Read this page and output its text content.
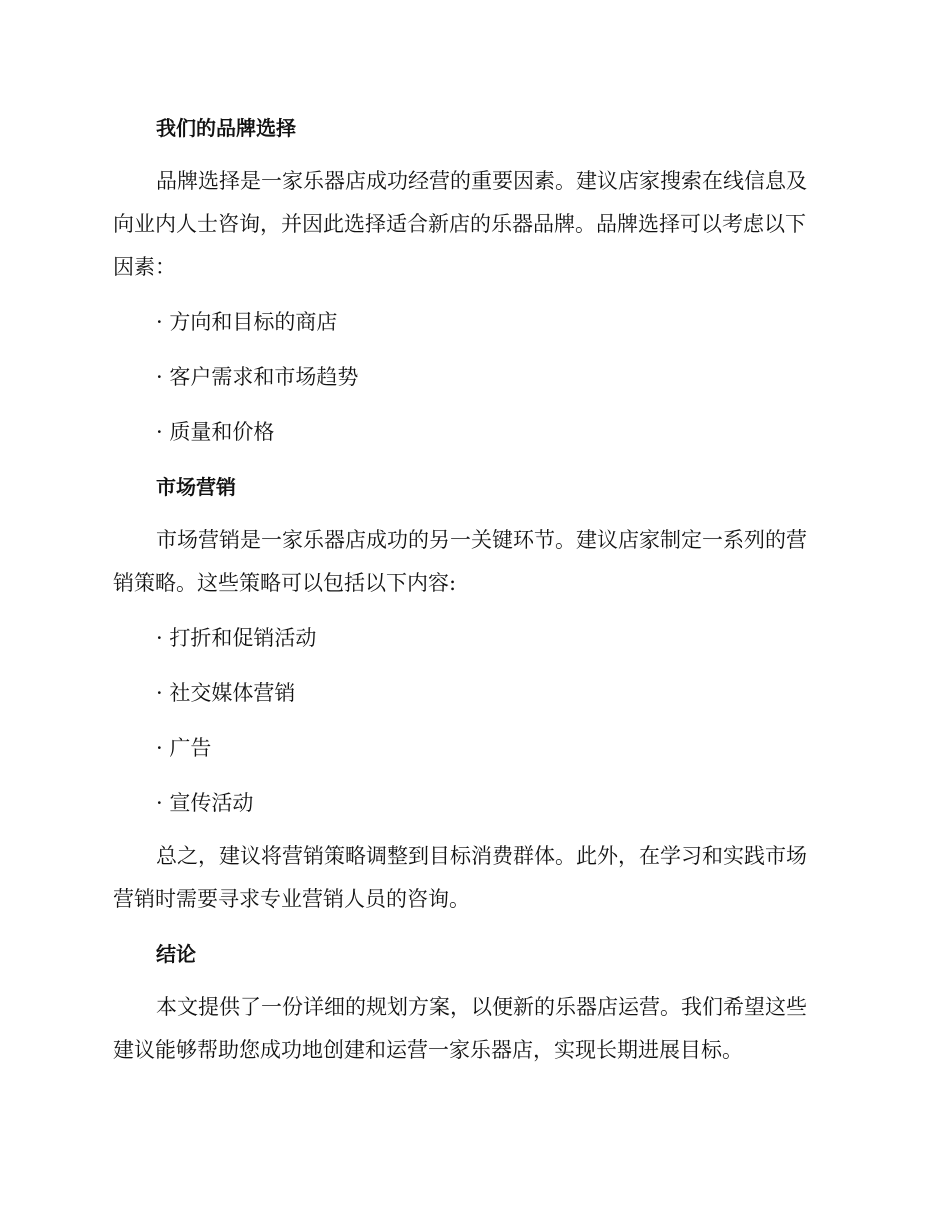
我们的品牌选择

品牌选择是一家乐器店成功经营的重要因素。建议店家搜索在线信息及
向业内人士咨询，并因此选择适合新店的乐器品牌。品牌选择可以考虑以下
因素：

· 方向和目标的商店

· 客户需求和市场趋势

· 质量和价格

市场营销

市场营销是一家乐器店成功的另一关键环节。建议店家制定一系列的营
销策略。这些策略可以包括以下内容:

· 打折和促销活动

· 社交媒体营销

· 广告

· 宣传活动

总之，建议将营销策略调整到目标消费群体。此外，在学习和实践市场
营销时需要寻求专业营销人员的咨询。

结论

本文提供了一份详细的规划方案，以便新的乐器店运营。我们希望这些
建议能够帮助您成功地创建和运营一家乐器店，实现长期进展目标。
